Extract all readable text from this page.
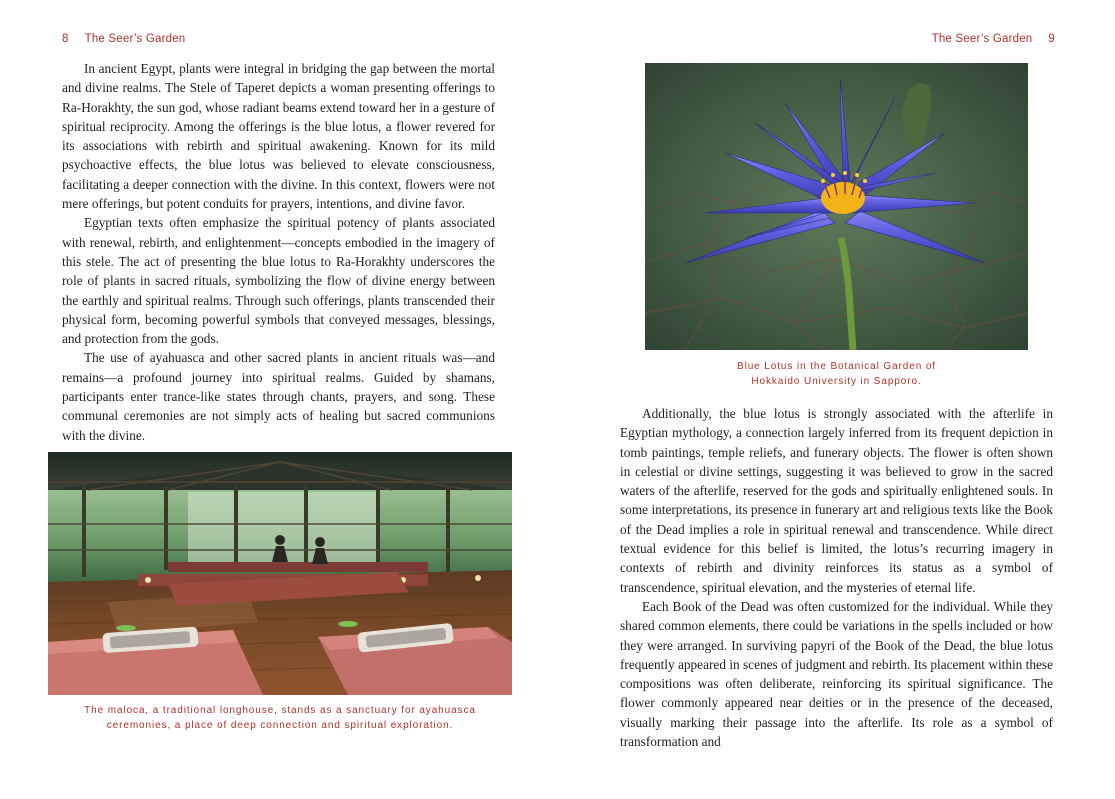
8 The Seer’s Garden	The Seer’s Garden 9

In ancient Egypt, plants were integral in bridging the gap between the mortal and divine realms. The Stele of Taperet depicts a woman presenting offerings to Ra-Horakhty, the sun god, whose radiant beams extend toward her in a gesture of spiritual reciprocity. Among the offerings is the blue lotus, a flower revered for its associations with rebirth and spiritual awakening. Known for its mild psychoactive effects, the blue lotus was believed to elevate consciousness, facilitating a deeper connection with the divine. In this context, flowers were not mere offerings, but potent conduits for prayers, intentions, and divine favor.

Egyptian texts often emphasize the spiritual potency of plants associated with renewal, rebirth, and enlightenment—concepts embodied in the imagery of this stele. The act of presenting the blue lotus to Ra-Horakhty underscores the role of plants in sacred rituals, symbolizing the flow of divine energy between the earthly and spiritual realms. Through such offerings, plants transcended their physical form, becoming powerful symbols that conveyed messages, blessings, and protection from the gods.

The use of ayahuasca and other sacred plants in ancient rituals was—and remains—a profound journey into spiritual realms. Guided by shamans, participants enter trance-like states through chants, prayers, and song. These communal ceremonies are not simply acts of healing but sacred communions with the divine.

The maloca, a traditional longhouse, stands as a sanctuary for ayahuasca
ceremonies, a place of deep connection and spiritual exploration.
Blue Lotus in the Botanical Garden of
Hokkaido University in Sapporo.

Additionally, the blue lotus is strongly associated with the afterlife in Egyptian mythology, a connection largely inferred from its frequent depiction in tomb paintings, temple reliefs, and funerary objects. The flower is often shown in celestial or divine settings, suggesting it was believed to grow in the sacred waters of the afterlife, reserved for the gods and spiritually enlightened souls. In some interpretations, its presence in funerary art and religious texts like the Book of the Dead implies a role in spiritual renewal and transcendence. While direct textual evidence for this belief is limited, the lotus’s recurring imagery in contexts of rebirth and divinity reinforces its status as a symbol of transcendence, spiritual elevation, and the mysteries of eternal life.

Each Book of the Dead was often customized for the individual. While they shared common elements, there could be variations in the spells included or how they were arranged. In surviving papyri of the Book of the Dead, the blue lotus frequently appeared in scenes of judgment and rebirth. Its placement within these compositions was often deliberate, reinforcing its spiritual significance. The flower commonly appeared near deities or in the presence of the deceased, visually marking their passage into the afterlife. Its role as a symbol of transformation and
